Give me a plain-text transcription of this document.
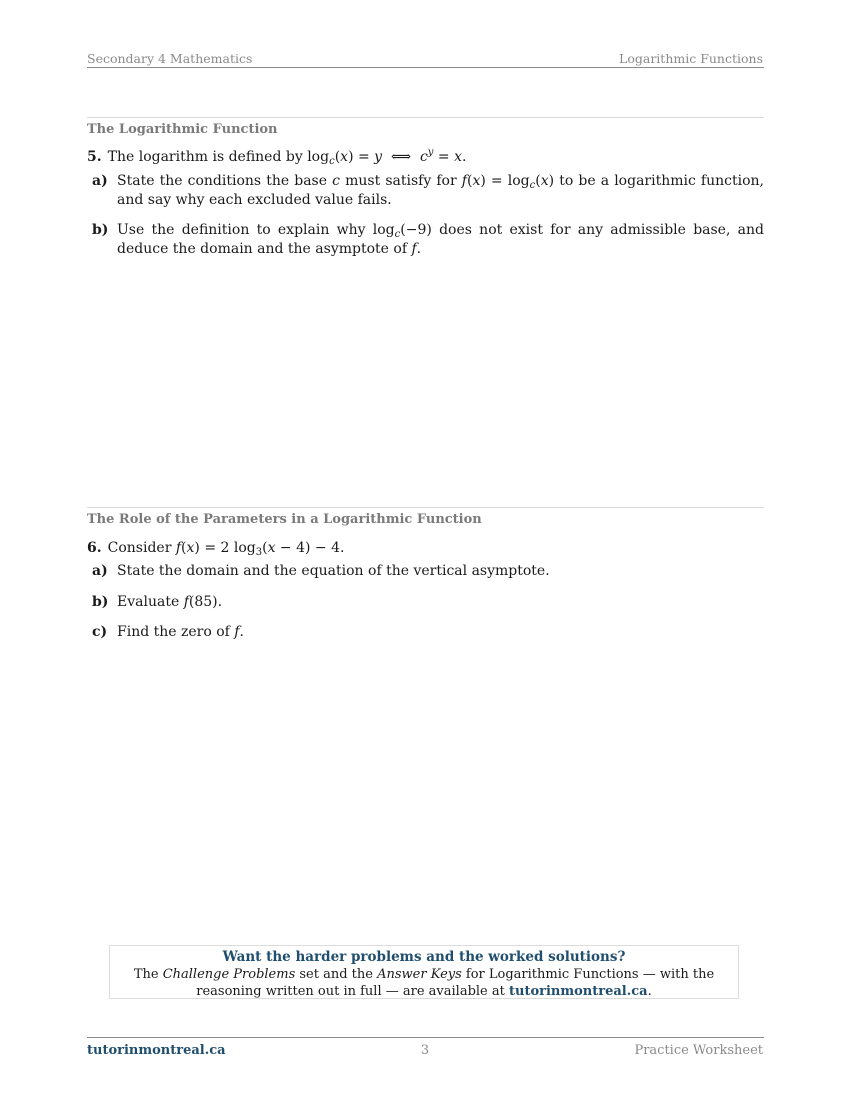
Secondary 4 Mathematics	Logarithmic Functions
The Logarithmic Function
5. The logarithm is defined by $\log_c(x) = y$  ⟺  $c^y = x$.
a) State the conditions the base c must satisfy for $f(x) = \log_c(x)$ to be a logarithmic function, and say why each excluded value fails.
b) Use the definition to explain why $\log_c(-9)$ does not exist for any admissible base, and deduce the domain and the asymptote of f.
The Role of the Parameters in a Logarithmic Function
6. Consider f(x) = 2 $\log_3(x - 4) - 4$.
a) State the domain and the equation of the vertical asymptote.
b) Evaluate f(85).
c) Find the zero of f.
Want the harder problems and the worked solutions?
The Challenge Problems set and the Answer Keys for Logarithmic Functions — with the reasoning written out in full — are available at tutorinmontreal.ca.
tutorinmontreal.ca	3	Practice Worksheet
